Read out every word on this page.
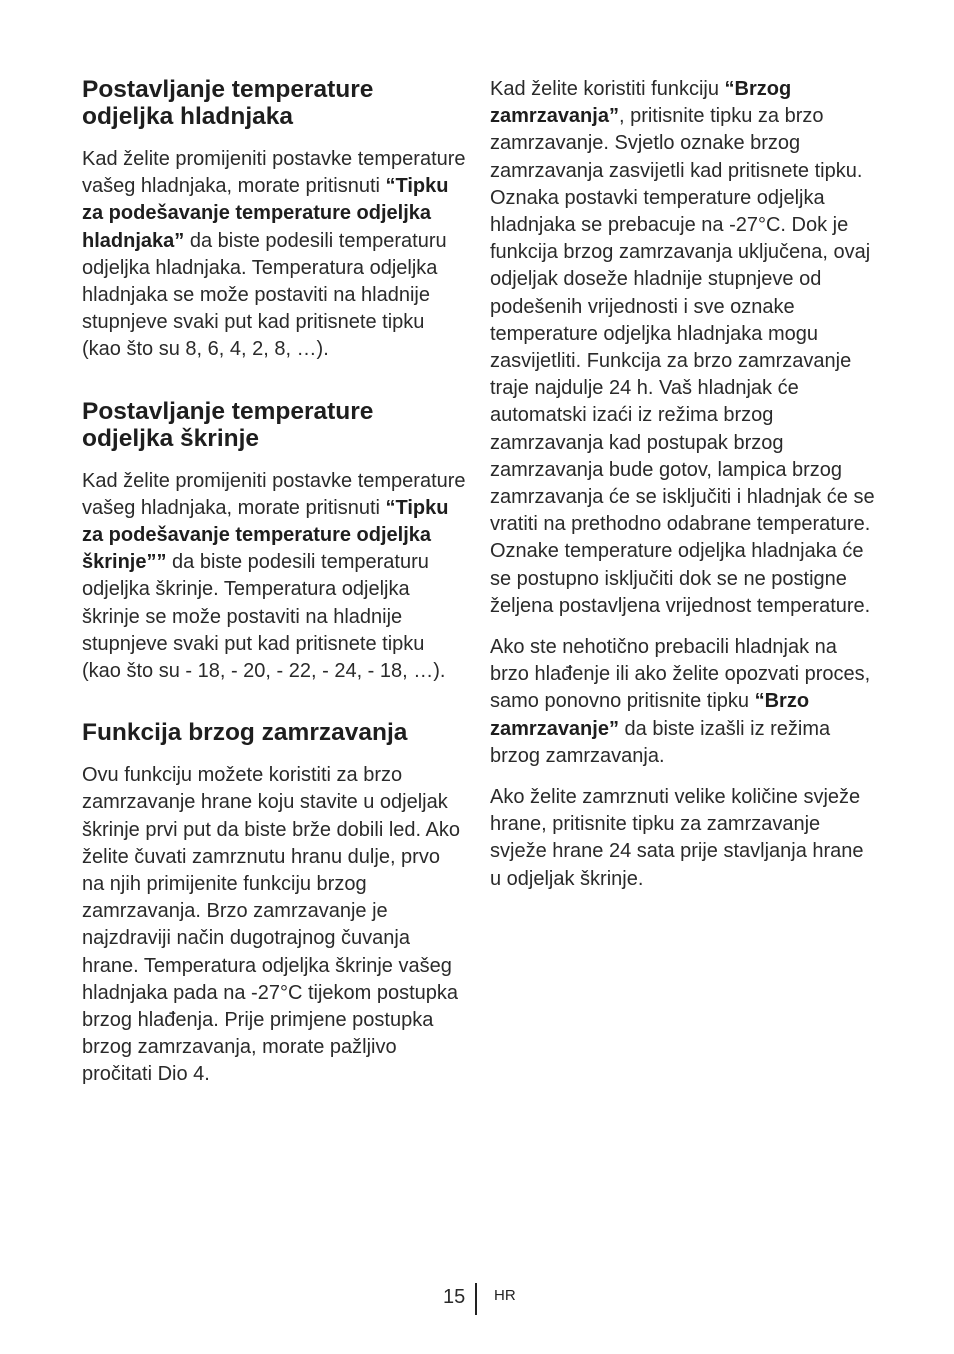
Postavljanje temperature odjeljka hladnjaka

Kad želite promijeniti postavke temperature vašeg hladnjaka, morate pritisnuti “Tipku za podešavanje temperature odjeljka hladnjaka” da biste podesili temperaturu odjeljka hladnjaka. Temperatura odjeljka hladnjaka se može postaviti na hladnije stupnjeve svaki put kad pritisnete tipku (kao što su 8, 6, 4, 2, 8, …).

Postavljanje temperature odjeljka škrinje

Kad želite promijeniti postavke temperature vašeg hladnjaka, morate pritisnuti “Tipku za podešavanje temperature odjeljka škrinje”” da biste podesili temperaturu odjeljka škrinje. Temperatura odjeljka škrinje se može postaviti na hladnije stupnjeve svaki put kad pritisnete tipku (kao što su - 18, - 20, - 22, - 24, - 18, …).

Funkcija brzog zamrzavanja

Ovu funkciju možete koristiti za brzo zamrzavanje hrane koju stavite u odjeljak škrinje prvi put da biste brže dobili led. Ako želite čuvati zamrznutu hranu dulje, prvo na njih primijenite funkciju brzog zamrzavanja. Brzo zamrzavanje je najzdraviji način dugotrajnog čuvanja hrane. Temperatura odjeljka škrinje vašeg hladnjaka pada na -27°C tijekom postupka brzog hlađenja. Prije primjene postupka brzog zamrzavanja, morate pažljivo pročitati Dio 4.

Kad želite koristiti funkciju “Brzog zamrzavanja”, pritisnite tipku za brzo zamrzavanje. Svjetlo oznake brzog zamrzavanja zasvijetli kad pritisnete tipku. Oznaka postavki temperature odjeljka hladnjaka se prebacuje na -27°C. Dok je funkcija brzog zamrzavanja uključena, ovaj odjeljak doseže hladnije stupnjeve od podešenih vrijednosti i sve oznake temperature odjeljka hladnjaka mogu zasvijetliti. Funkcija za brzo zamrzavanje traje najdulje 24 h. Vaš hladnjak će automatski izaći iz režima brzog zamrzavanja kad postupak brzog zamrzavanja bude gotov, lampica brzog zamrzavanja će se isključiti i hladnjak će se vratiti na prethodno odabrane temperature. Oznake temperature odjeljka hladnjaka će se postupno isključiti dok se ne postigne željena postavljena vrijednost temperature.

Ako ste nehotično prebacili hladnjak na brzo hlađenje ili ako želite opozvati proces, samo ponovno pritisnite tipku “Brzo zamrzavanje” da biste izašli iz režima brzog zamrzavanja.

Ako želite zamrznuti velike količine svježe hrane, pritisnite tipku za zamrzavanje svježe hrane 24 sata prije stavljanja hrane u odjeljak škrinje.

15 HR
